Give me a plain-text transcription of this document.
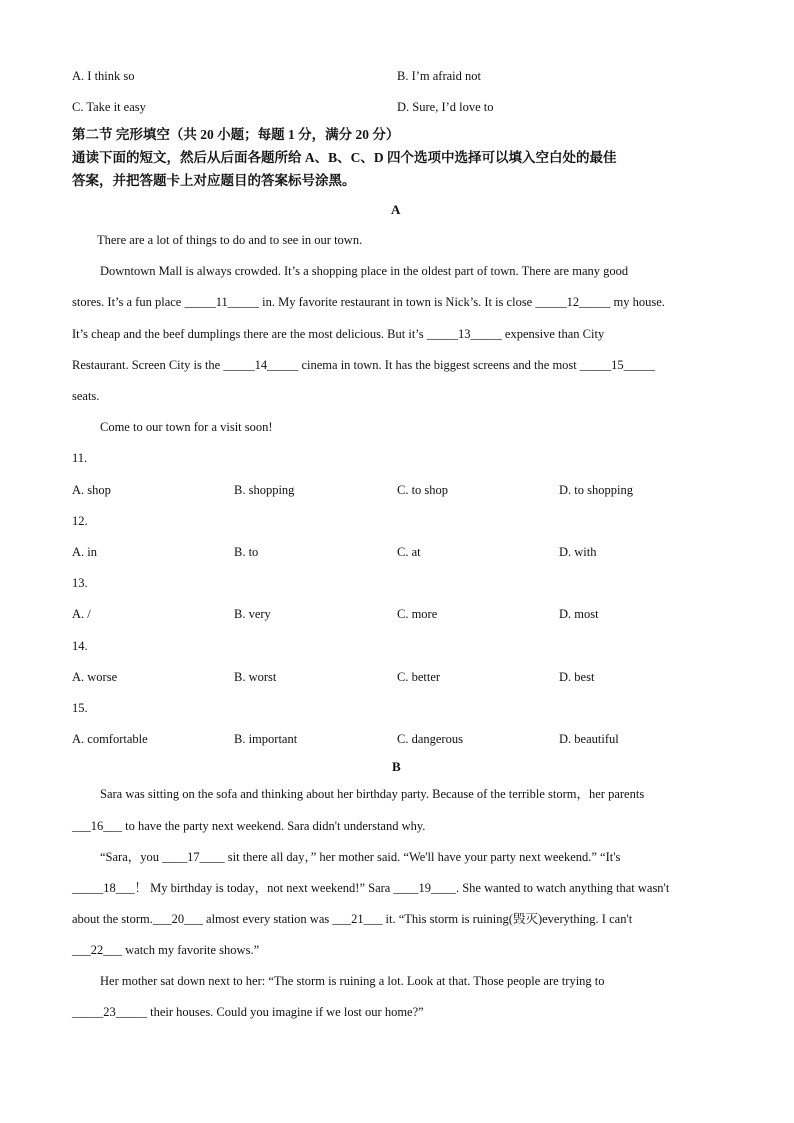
A. I think so	B. I’m afraid not
C. Take it easy	D. Sure, I’d love to
第二节 完形填空（共 20 小题；每题 1 分，满分 20 分）
通读下面的短文，然后从后面各题所给 A、B、C、D 四个选项中选择可以填入空白处的最佳
答案，并把答题卡上对应题目的答案标号涂黑。
A
There are a lot of things to do and to see in our town.
Downtown Mall is always crowded. It’s a shopping place in the oldest part of town. There are many good
stores. It’s a fun place _____11_____ in. My favorite restaurant in town is Nick’s. It is close _____12_____ my house.
It’s cheap and the beef dumplings there are the most delicious. But it’s _____13_____ expensive than City
Restaurant. Screen City is the _____14_____ cinema in town. It has the biggest screens and the most _____15_____
seats.
Come to our town for a visit soon!
11.
A. shop	B. shopping	C. to shop	D. to shopping
12.
A. in	B. to	C. at	D. with
13.
A. /	B. very	C. more	D. most
14.
A. worse	B. worst	C. better	D. best
15.
A. comfortable	B. important	C. dangerous	D. beautiful
B
Sara was sitting on the sofa and thinking about her birthday party. Because of the terrible storm，her parents
___16___ to have the party next weekend. Sara didn't understand why.
“Sara，you ____17____ sit there all day，” her mother said. “We'll have your party next weekend.” “It's
_____18___！ My birthday is today，not next weekend!” Sara ____19____. She wanted to watch anything that wasn't
about the storm.___20___ almost every station was ___21___ it. “This storm is ruining(毁灭)everything. I can't
___22___ watch my favorite shows.”
Her mother sat down next to her: “The storm is ruining a lot. Look at that. Those people are trying to
_____23_____ their houses. Could you imagine if we lost our home?”
